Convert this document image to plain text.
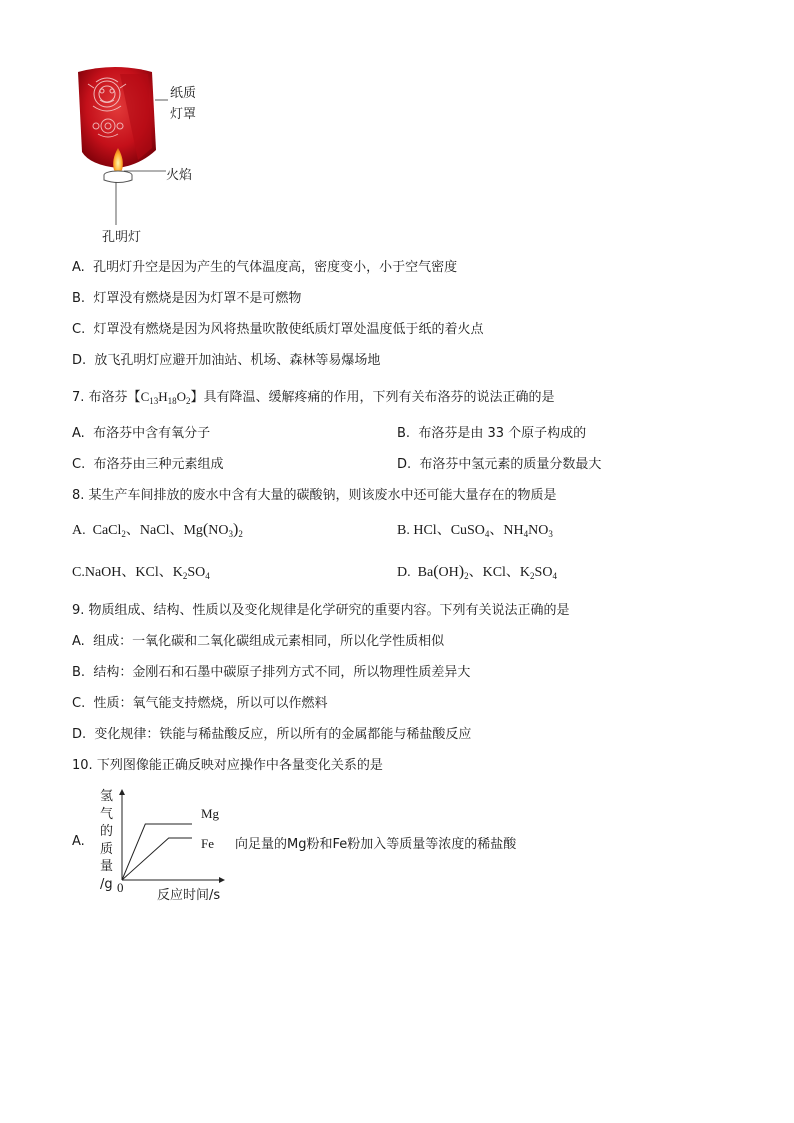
纸质
灯罩
火焰
孔明灯
A. 孔明灯升空是因为产生的气体温度高，密度变小，小于空气密度
B. 灯罩没有燃烧是因为灯罩不是可燃物
C. 灯罩没有燃烧是因为风将热量吹散使纸质灯罩处温度低于纸的着火点
D. 放飞孔明灯应避开加油站、机场、森林等易爆场地
7. 布洛芬【$C_{13}H_{18}O_2$】具有降温、缓解疼痛的作用，下列有关布洛芬的说法正确的是
A. 布洛芬中含有氧分子	B. 布洛芬是由 33 个原子构成的
C. 布洛芬由三种元素组成	D. 布洛芬中氢元素的质量分数最大
8. 某生产车间排放的废水中含有大量的碳酸钠，则该废水中还可能大量存在的物质是
A.  CaCl$_2$、NaCl、$Mg(NO_3)_2$	B. HCl、CuSO$_4$、$NH_4NO_3$
C.NaOH、KCl、$K_2SO_4$	D.  $Ba(OH)_2$、KCl、$K_2SO_4$
9. 物质组成、结构、性质以及变化规律是化学研究的重要内容。下列有关说法正确的是
A. 组成：一氧化碳和二氧化碳组成元素相同，所以化学性质相似
B. 结构：金刚石和石墨中碳原子排列方式不同，所以物理性质差异大
C. 性质：氧气能支持燃烧，所以可以作燃料
D. 变化规律：铁能与稀盐酸反应，所以所有的金属都能与稀盐酸反应
10. 下列图像能正确反映对应操作中各量变化关系的是
A.
氢
气
的
质
量
/g
Mg
Fe
0
反应时间/s
向足量的Mg粉和Fe粉加入等质量等浓度的稀盐酸
